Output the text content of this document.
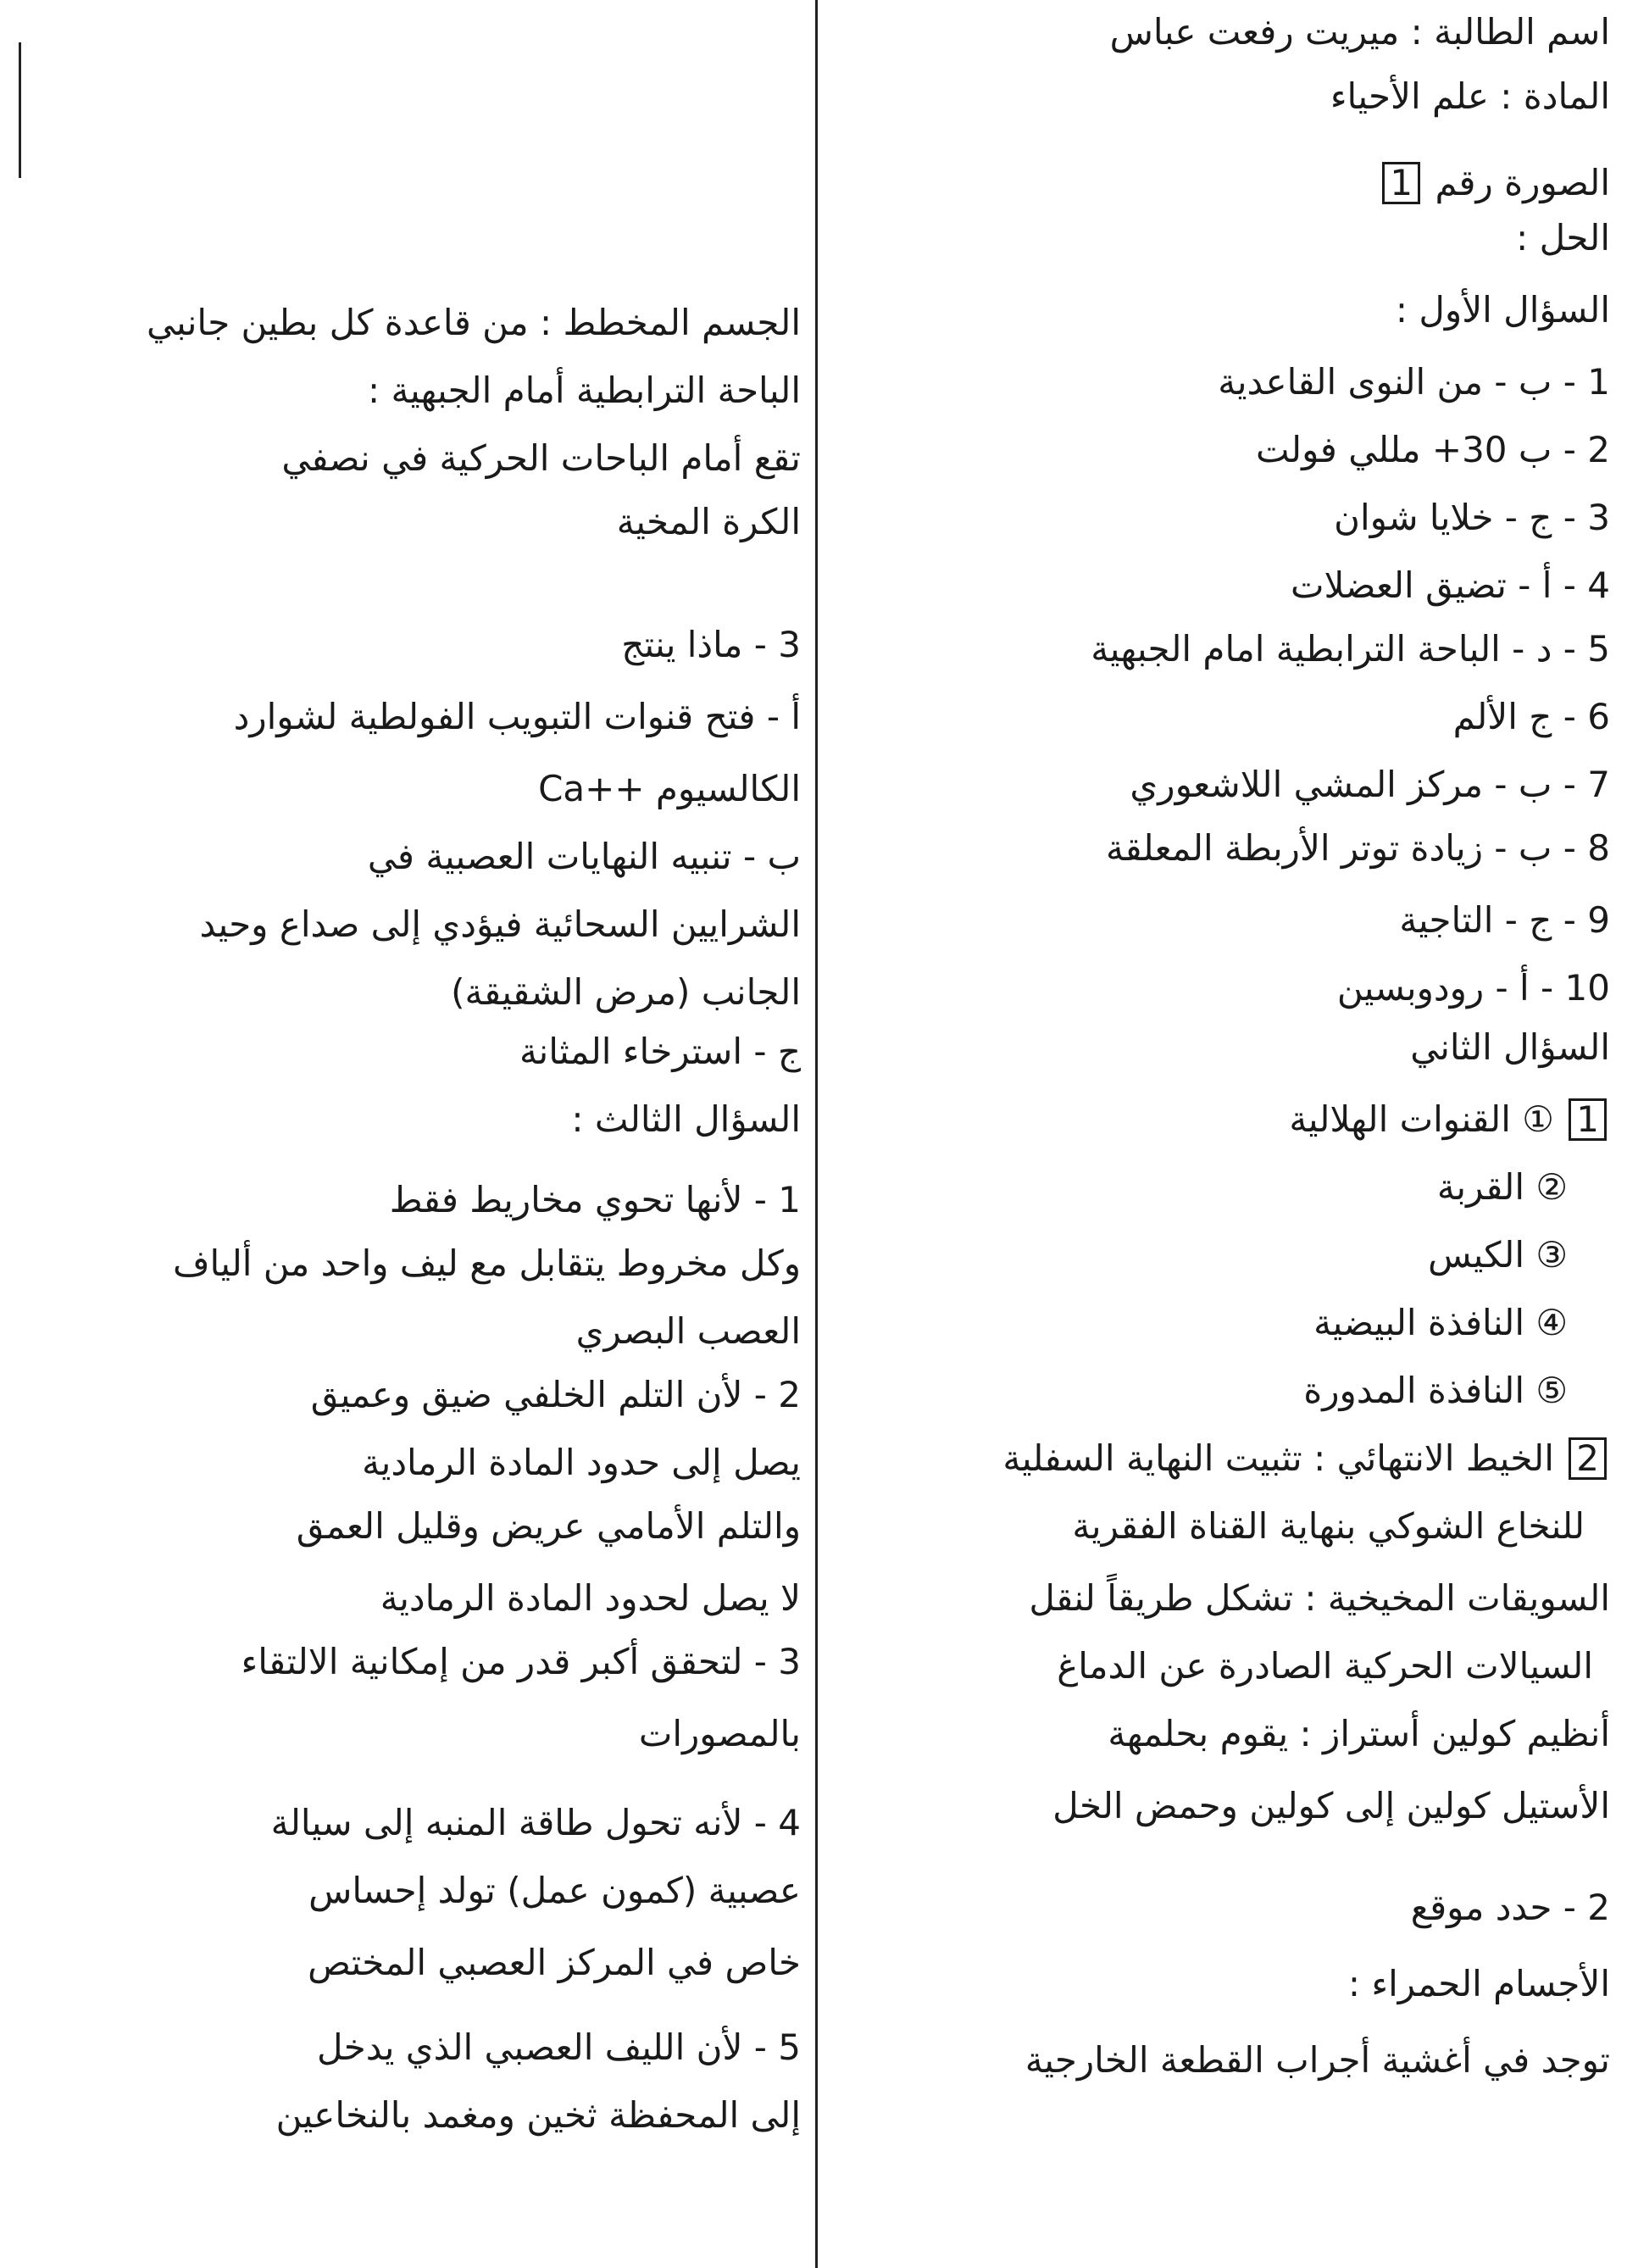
اسم الطالبة : ميريت رفعت عباس
المادة : علم الأحياء
الصورة رقم 1
الحل :
السؤال الأول :
1 - ب - من النوى القاعدية
2 - ب 30+ مللي فولت
3 - ج - خلايا شوان
4 - أ - تضيق العضلات
5 - د - الباحة الترابطية امام الجبهية
6 - ج الألم
7 - ب - مركز المشي اللاشعوري
8 - ب - زيادة توتر الأربطة المعلقة
9 - ج - التاجية
10 - أ - رودوبسين
السؤال الثاني
1 ① القنوات الهلالية
② القربة
③ الكيس
④ النافذة البيضية
⑤ النافذة المدورة
2 الخيط الانتهائي : تثبيت النهاية السفلية
للنخاع الشوكي بنهاية القناة الفقرية
السويقات المخيخية : تشكل طريقاً لنقل
السيالات الحركية الصادرة عن الدماغ
أنظيم كولين أستراز : يقوم بحلمهة
الأستيل كولين إلى كولين وحمض الخل
2 - حدد موقع
الأجسام الحمراء :
توجد في أغشية أجراب القطعة الخارجية
الجسم المخطط : من قاعدة كل بطين جانبي
الباحة الترابطية أمام الجبهية :
تقع أمام الباحات الحركية في نصفي
الكرة المخية
3 - ماذا ينتج
أ - فتح قنوات التبويب الفولطية لشوارد
الكالسيوم ++Ca
ب - تنبيه النهايات العصبية في
الشرايين السحائية فيؤدي إلى صداع وحيد
الجانب (مرض الشقيقة)
ج - استرخاء المثانة
السؤال الثالث :
1 - لأنها تحوي مخاريط فقط
وكل مخروط يتقابل مع ليف واحد من ألياف
العصب البصري
2 - لأن التلم الخلفي ضيق وعميق
يصل إلى حدود المادة الرمادية
والتلم الأمامي عريض وقليل العمق
لا يصل لحدود المادة الرمادية
3 - لتحقق أكبر قدر من إمكانية الالتقاء
بالمصورات
4 - لأنه تحول طاقة المنبه إلى سيالة
عصبية (كمون عمل) تولد إحساس
خاص في المركز العصبي المختص
5 - لأن الليف العصبي الذي يدخل
إلى المحفظة ثخين ومغمد بالنخاعين
